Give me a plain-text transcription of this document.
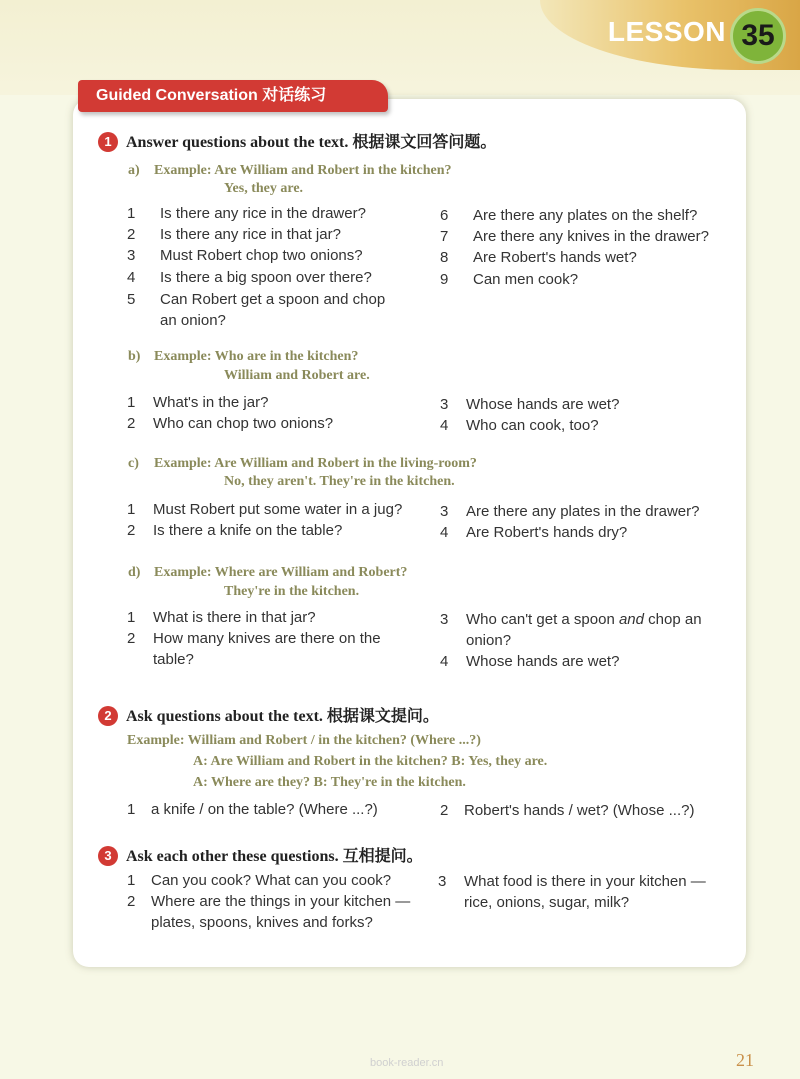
LESSON 35
Guided Conversation 对话练习
1 Answer questions about the text. 根据课文回答问题。
a) Example: Are William and Robert in the kitchen?
Yes, they are.
1	Is there any rice in the drawer?
2	Is there any rice in that jar?
3	Must Robert chop two onions?
4	Is there a big spoon over there?
5	Can Robert get a spoon and chop
an onion?
6	Are there any plates on the shelf?
7	Are there any knives in the drawer?
8	Are Robert's hands wet?
9	Can men cook?
b) Example: Who are in the kitchen?
William and Robert are.
1	What's in the jar?
2	Who can chop two onions?
3	Whose hands are wet?
4	Who can cook, too?
c) Example: Are William and Robert in the living-room?
No, they aren't. They're in the kitchen.
1	Must Robert put some water in a jug?
2	Is there a knife on the table?
3	Are there any plates in the drawer?
4	Are Robert's hands dry?
d) Example: Where are William and Robert?
They're in the kitchen.
1	What is there in that jar?
2	How many knives are there on the
table?
3	Who can't get a spoon and chop an
onion?
4	Whose hands are wet?
2 Ask questions about the text. 根据课文提问。
Example: William and Robert / in the kitchen? (Where ...?)
A: Are William and Robert in the kitchen? B: Yes, they are.
A: Where are they? B: They're in the kitchen.
1	a knife / on the table? (Where ...?)	2	Robert's hands / wet? (Whose ...?)
3 Ask each other these questions. 互相提问。
1	Can you cook? What can you cook?
2	Where are the things in your kitchen —
plates, spoons, knives and forks?
3	What food is there in your kitchen —
rice, onions, sugar, milk?
book-reader.cn	21
